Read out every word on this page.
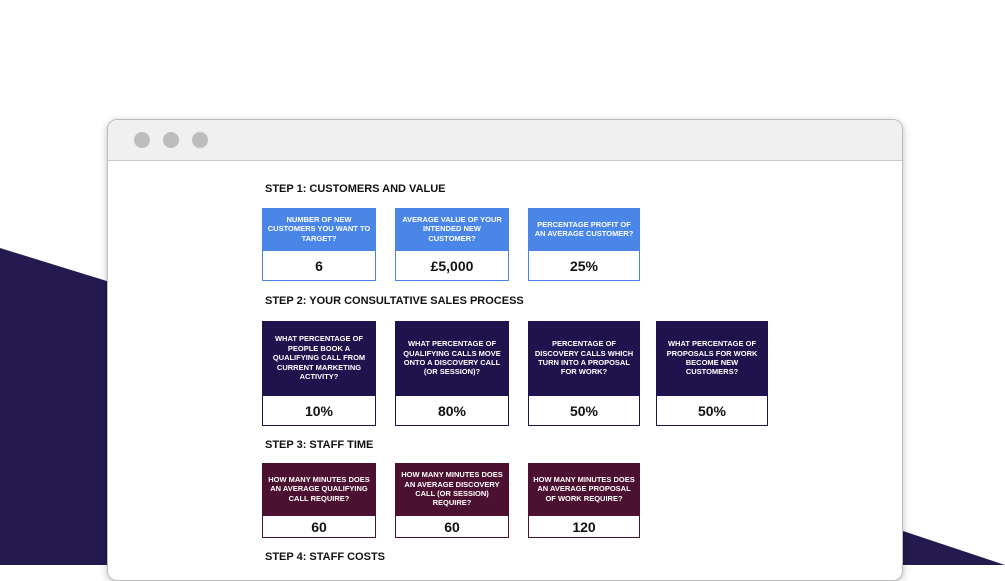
STEP 1: CUSTOMERS AND VALUE
NUMBER OF NEW CUSTOMERS YOU WANT TO TARGET?
6
AVERAGE VALUE OF YOUR INTENDED NEW CUSTOMER?
£5,000
PERCENTAGE PROFIT OF AN AVERAGE CUSTOMER?
25%
STEP 2: YOUR CONSULTATIVE SALES PROCESS
WHAT PERCENTAGE OF PEOPLE BOOK A QUALIFYING CALL FROM CURRENT MARKETING ACTIVITY?
10%
WHAT PERCENTAGE OF QUALIFYING CALLS MOVE ONTO A DISCOVERY CALL (OR SESSION)?
80%
PERCENTAGE OF DISCOVERY CALLS WHICH TURN INTO A PROPOSAL FOR WORK?
50%
WHAT PERCENTAGE OF PROPOSALS FOR WORK BECOME NEW CUSTOMERS?
50%
STEP 3: STAFF TIME
HOW MANY MINUTES DOES AN AVERAGE QUALIFYING CALL REQUIRE?
60
HOW MANY MINUTES DOES AN AVERAGE DISCOVERY CALL (OR SESSION) REQUIRE?
60
HOW MANY MINUTES DOES AN AVERAGE PROPOSAL OF WORK REQUIRE?
120
STEP 4: STAFF COSTS
